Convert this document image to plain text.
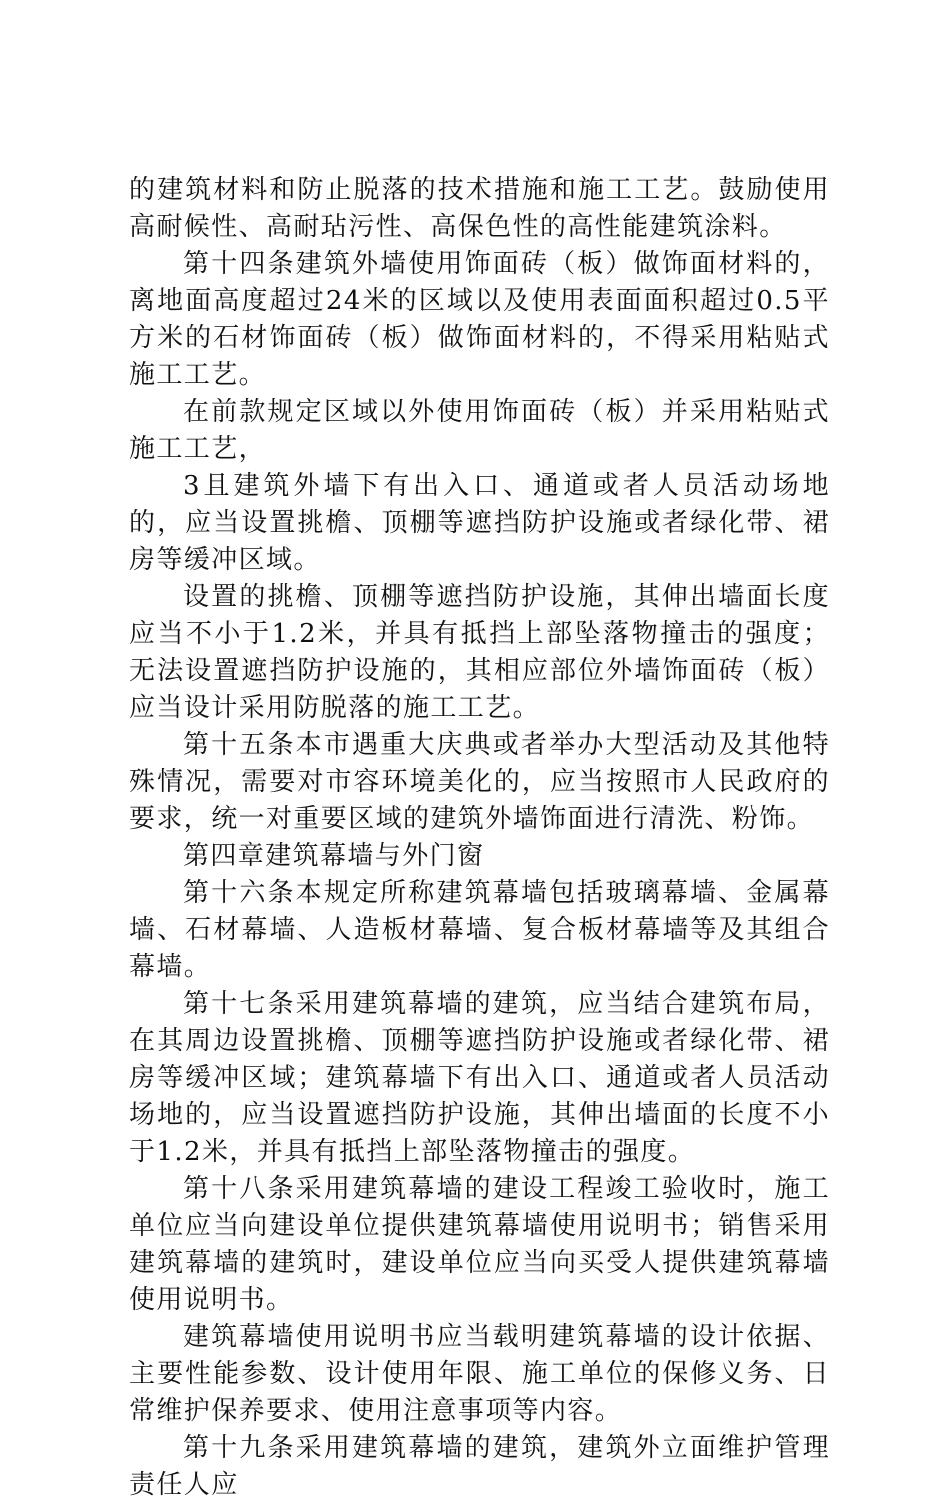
的建筑材料和防止脱落的技术措施和施工工艺。鼓励使用高耐候性、高耐玷污性、高保色性的高性能建筑涂料。

第十四条建筑外墙使用饰面砖（板）做饰面材料的，离地面高度超过24米的区域以及使用表面面积超过0.5平方米的石材饰面砖（板）做饰面材料的，不得采用粘贴式施工工艺。

在前款规定区域以外使用饰面砖（板）并采用粘贴式施工工艺，

3且建筑外墙下有出入口、通道或者人员活动场地的，应当设置挑檐、顶棚等遮挡防护设施或者绿化带、裙房等缓冲区域。

设置的挑檐、顶棚等遮挡防护设施，其伸出墙面长度应当不小于1.2米，并具有抵挡上部坠落物撞击的强度；无法设置遮挡防护设施的，其相应部位外墙饰面砖（板）应当设计采用防脱落的施工工艺。

第十五条本市遇重大庆典或者举办大型活动及其他特殊情况，需要对市容环境美化的，应当按照市人民政府的要求，统一对重要区域的建筑外墙饰面进行清洗、粉饰。

第四章建筑幕墙与外门窗

第十六条本规定所称建筑幕墙包括玻璃幕墙、金属幕墙、石材幕墙、人造板材幕墙、复合板材幕墙等及其组合幕墙。

第十七条采用建筑幕墙的建筑，应当结合建筑布局，在其周边设置挑檐、顶棚等遮挡防护设施或者绿化带、裙房等缓冲区域；建筑幕墙下有出入口、通道或者人员活动场地的，应当设置遮挡防护设施，其伸出墙面的长度不小于1.2米，并具有抵挡上部坠落物撞击的强度。

第十八条采用建筑幕墙的建设工程竣工验收时，施工单位应当向建设单位提供建筑幕墙使用说明书；销售采用建筑幕墙的建筑时，建设单位应当向买受人提供建筑幕墙使用说明书。

建筑幕墙使用说明书应当载明建筑幕墙的设计依据、主要性能参数、设计使用年限、施工单位的保修义务、日常维护保养要求、使用注意事项等内容。

第十九条采用建筑幕墙的建筑，建筑外立面维护管理责任人应
